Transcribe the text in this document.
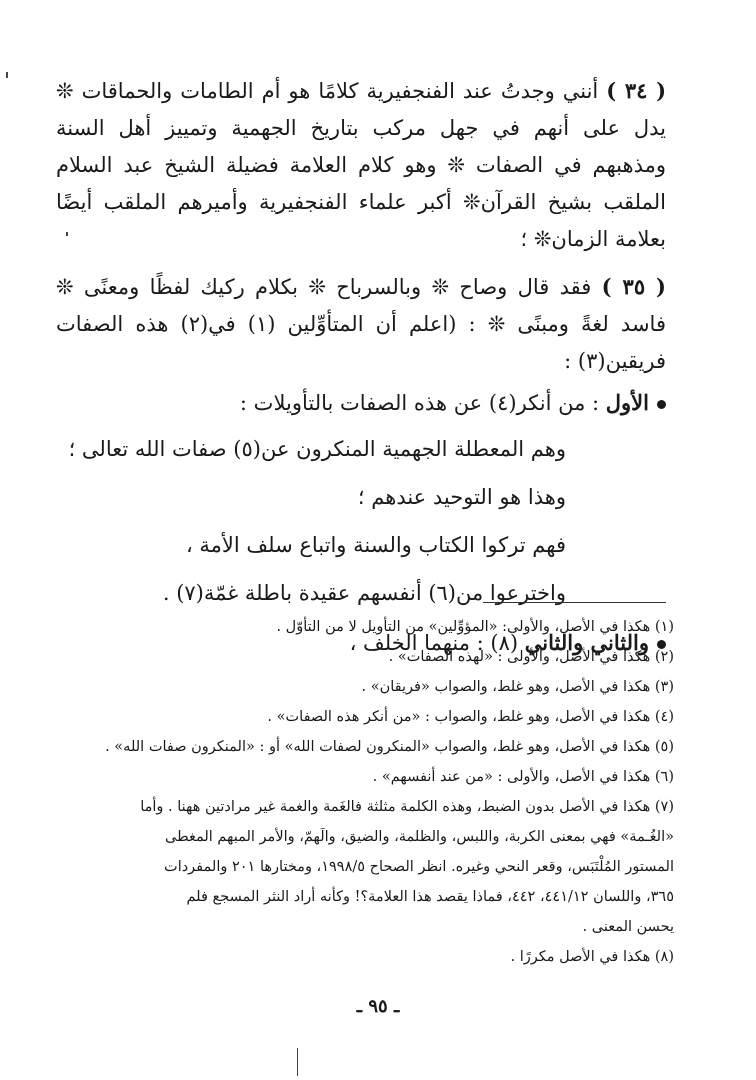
( ٣٤ ) أنني وجدتُ عند الفنجفيرية كلامًا هو أم الطامات والحماقات ❊ يدل على أنهم في جهل مركب بتاريخ الجهمية وتمييز أهل السنة ومذهبهم في الصفات ❊ وهو كلام العلامة فضيلة الشيخ عبد السلام الملقب بشيخ القرآن❊ أكبر علماء الفنجفيرية وأميرهم الملقب أيضًا بعلامة الزمان❊ ؛

( ٣٥ ) فقد قال وصاح ❊ وبالسرباح ❊ بكلام ركيك لفظًا ومعنًى ❊ فاسد لغةً ومبنًى ❊ : (اعلم أن المتأوِّلين (١) في(٢) هذه الصفات فريقين(٣) :

الأول : من أنكر(٤) عن هذه الصفات بالتأويلات :
وهم المعطلة الجهمية المنكرون عن(٥) صفات الله تعالى ؛
وهذا هو التوحيد عندهم ؛
فهم تركوا الكتاب والسنة واتباع سلف الأمة ،
واخترعوا من(٦) أنفسهم عقيدة باطلة غمّة(٧) .
والثاني والثاني (٨) : منهما الخلف ،

(١) هكذا في الأصل، والأولى: «المؤوِّلين» من التأويل لا من التأوّل .

(٢) هكذا في الأصل، والأولى : «لهذه الصفات» .

(٣) هكذا في الأصل، وهو غلط، والصواب «فريقان» .

(٤) هكذا في الأصل، وهو غلط، والصواب : «من أنكر هذه الصفات» .

(٥) هكذا في الأصل، وهو غلط، والصواب «المنكرون لصفات الله» أو : «المنكرون صفات الله» .

(٦) هكذا في الأصل، والأولى : «من عند أنفسهم» .

(٧) هكذا في الأصل بدون الضبط، وهذه الكلمة مثلثة فالغَمة والغمة غير مرادتين ههنا . وأما

«الغُـمة» فهي بمعنى الكربة، واللبس، والظلمة، والضيق، والَهمّ، والأمر المبهم المغطى

المستور المُلْتَبَس، وقعر النحي وغيره. انظر الصحاح ١٩٩٨/٥، ومختارها ٢٠١ والمفردات

٣٦٥، واللسان ٤٤١/١٢، ٤٤٢، فماذا يقصد هذا العلامة؟! وكأنه أراد النثر المسجع فلم

يحسن المعنى .

(٨) هكذا في الأصل مكررًا .

ـ ٩٥ ـ
